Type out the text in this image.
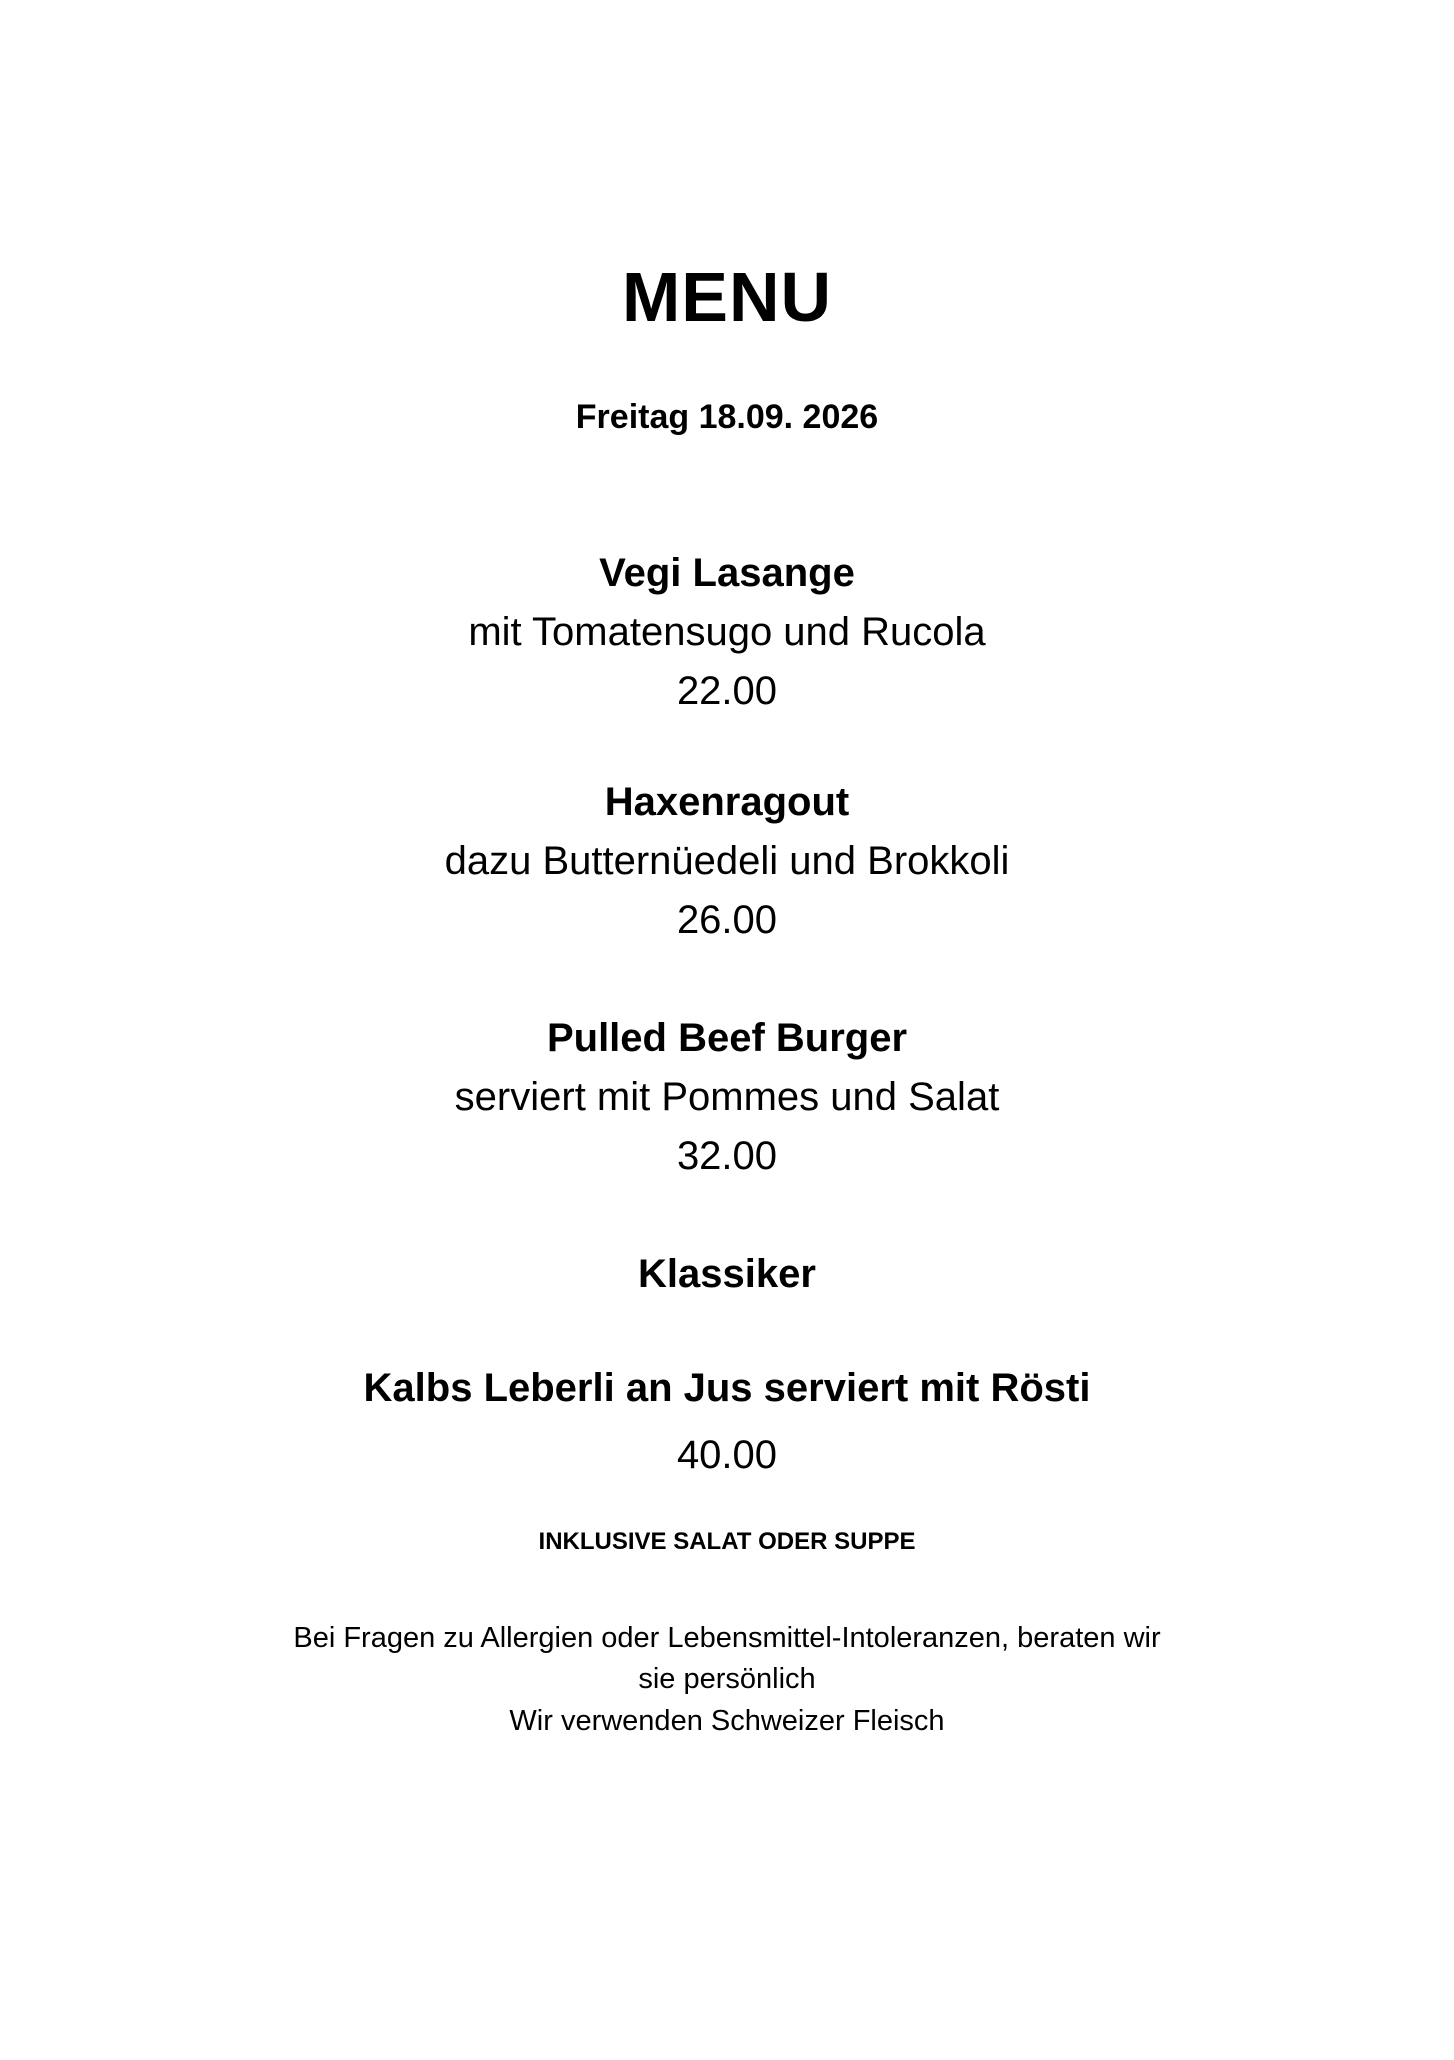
MENU
Freitag 18.09. 2026
Vegi Lasange
mit Tomatensugo und Rucola
22.00
Haxenragout
dazu Butternüedeli und Brokkoli
26.00
Pulled Beef Burger
serviert mit Pommes und Salat
32.00
Klassiker
Kalbs Leberli an Jus serviert mit Rösti
40.00
INKLUSIVE SALAT ODER SUPPE
Bei Fragen zu Allergien oder Lebensmittel-Intoleranzen, beraten wir
sie persönlich
Wir verwenden Schweizer Fleisch
